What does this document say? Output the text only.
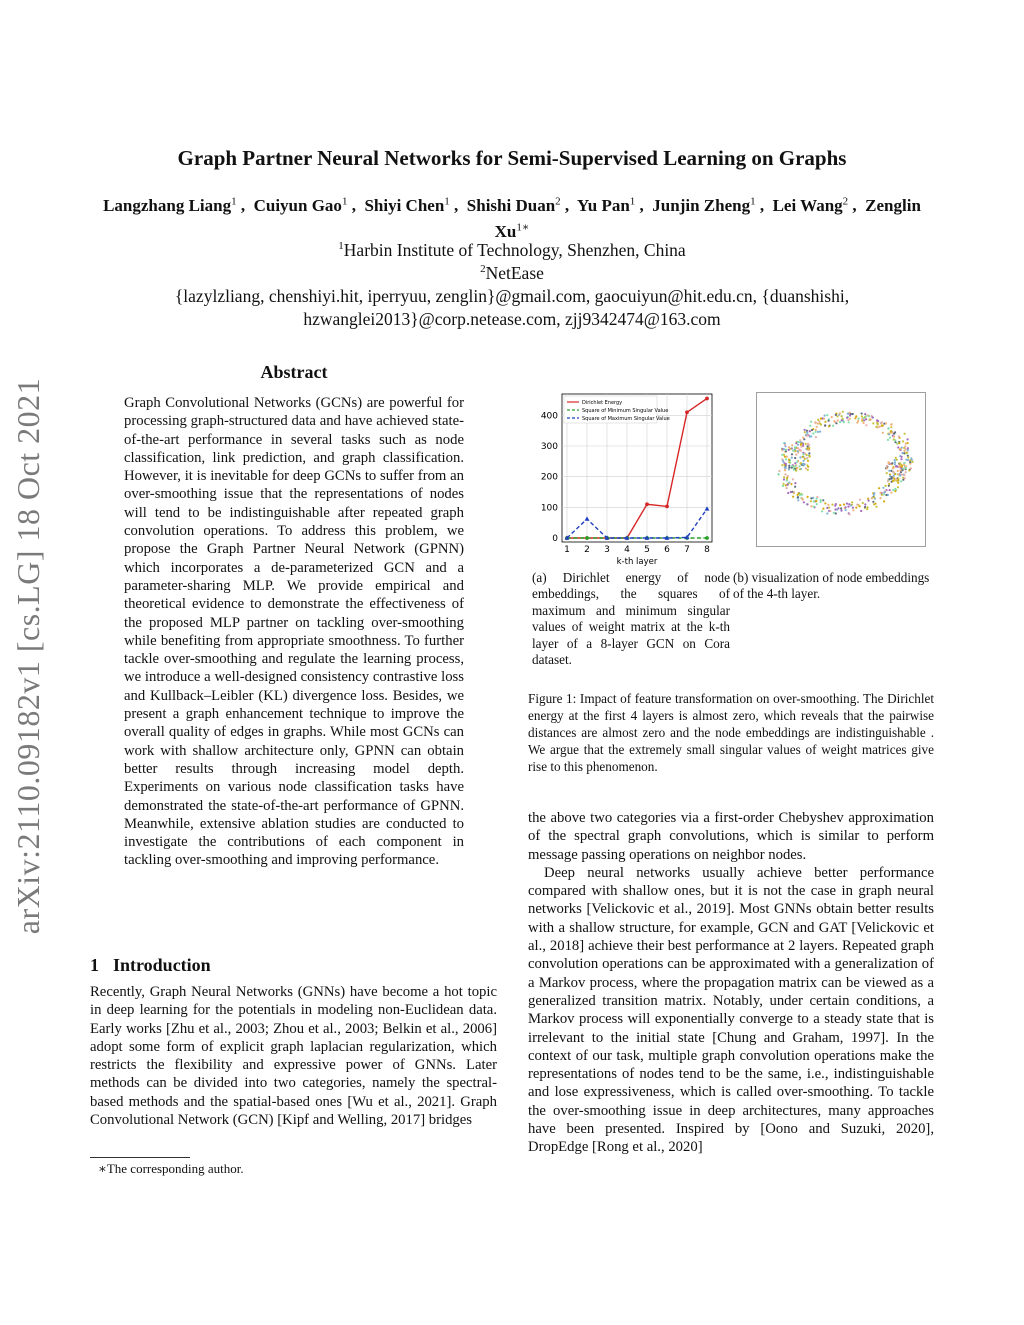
Graph Partner Neural Networks for Semi-Supervised Learning on Graphs
Langzhang Liang$^1$ ,  Cuiyun Gao$^1$ ,  Shiyi Chen$^1$ ,  Shishi Duan$^2$ ,  Yu Pan$^1$ ,  Junjin Zheng$^1$ ,  Lei Wang$^2$ ,  Zenglin $Xu^{1∗}$
$^1$Harbin Institute of Technology, Shenzhen, China
$^2$NetEase
{lazylzliang, chenshiyi.hit, iperryuu, zenglin}@gmail.com, gaocuiyun@hit.edu.cn, {duanshishi,
hzwanglei2013}@corp.netease.com, zjj9342474@163.com
arXiv:2110.09182v1 [cs.LG] 18 Oct 2021
Abstract
Graph Convolutional Networks (GCNs) are powerful for processing graph-structured data and have achieved state-of-the-art performance in several tasks such as node classification, link prediction, and graph classification. However, it is inevitable for deep GCNs to suffer from an over-smoothing issue that the representations of nodes will tend to be indistinguishable after repeated graph convolution operations. To address this problem, we propose the Graph Partner Neural Network (GPNN) which incorporates a de-parameterized GCN and a parameter-sharing MLP. We provide empirical and theoretical evidence to demonstrate the effectiveness of the proposed MLP partner on tackling over-smoothing while benefiting from appropriate smoothness. To further tackle over-smoothing and regulate the learning process, we introduce a well-designed consistency contrastive loss and Kullback–Leibler (KL) divergence loss. Besides, we present a graph enhancement technique to improve the overall quality of edges in graphs. While most GCNs can work with shallow architecture only, GPNN can obtain better results through increasing model depth. Experiments on various node classification tasks have demonstrated the state-of-the-art performance of GPNN. Meanwhile, extensive ablation studies are conducted to investigate the contributions of each component in tackling over-smoothing and improving performance.
1 Introduction
Recently, Graph Neural Networks (GNNs) have become a hot topic in deep learning for the potentials in modeling non-Euclidean data. Early works [Zhu et al., 2003; Zhou et al., 2003; Belkin et al., 2006] adopt some form of explicit graph laplacian regularization, which restricts the flexibility and expressive power of GNNs. Later methods can be divided into two categories, namely the spectral-based methods and the spatial-based ones [Wu et al., 2021]. Graph Convolutional Network (GCN) [Kipf and Welling, 2017] bridges
∗The corresponding author.
1 2 3 4 5 6 7 8
0
100
200
300
400
Dirichlet Energy
Square of Minimum Singular Value
Square of Maximum Singular Value
k-th layer
(a) Dirichlet energy of node embeddings, the squares of maximum and minimum singular values of weight matrix at the k-th layer of a 8-layer GCN on Cora dataset.
(b) visualization of node embeddings of the 4-th layer.
Figure 1: Impact of feature transformation on over-smoothing. The Dirichlet energy at the first 4 layers is almost zero, which reveals that the pairwise distances are almost zero and the node embeddings are indistinguishable . We argue that the extremely small singular values of weight matrices give rise to this phenomenon.

the above two categories via a first-order Chebyshev approximation of the spectral graph convolutions, which is similar to perform message passing operations on neighbor nodes.

Deep neural networks usually achieve better performance compared with shallow ones, but it is not the case in graph neural networks [Velickovic et al., 2019]. Most GNNs obtain better results with a shallow structure, for example, GCN and GAT [Velickovic et al., 2018] achieve their best performance at 2 layers. Repeated graph convolution operations can be approximated with a generalization of a Markov process, where the propagation matrix can be viewed as a generalized transition matrix. Notably, under certain conditions, a Markov process will exponentially converge to a steady state that is irrelevant to the initial state [Chung and Graham, 1997]. In the context of our task, multiple graph convolution operations make the representations of nodes tend to be the same, i.e., indistinguishable and lose expressiveness, which is called over-smoothing. To tackle the over-smoothing issue in deep architectures, many approaches have been presented. Inspired by [Oono and Suzuki, 2020], DropEdge [Rong et al., 2020]
